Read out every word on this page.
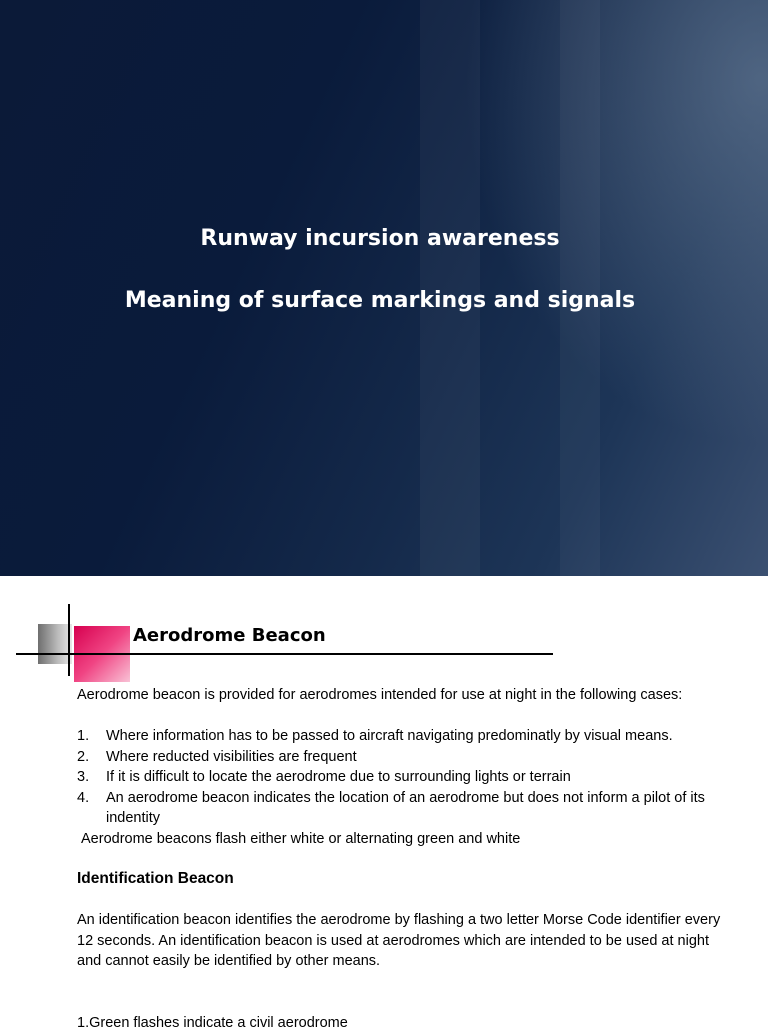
Runway incursion awareness
Meaning of surface markings and signals
Aerodrome Beacon
Aerodrome beacon is provided for aerodromes intended for use at night in the following cases:
1. Where information has to be passed to aircraft navigating predominatly by visual means.
2. Where reducted visibilities are frequent
3. If it is difficult to locate the aerodrome due to surrounding lights or terrain
4. An aerodrome beacon indicates the location of an aerodrome but does not inform a pilot of its indentity
Aerodrome beacons flash either white or alternating green and white
Identification Beacon
An identification beacon identifies the aerodrome by flashing a two letter Morse Code identifier every 12 seconds. An identification beacon is used at aerodromes which are intended to be used at night and cannot easily be identified by other means.
1.Green flashes indicate a civil aerodrome
